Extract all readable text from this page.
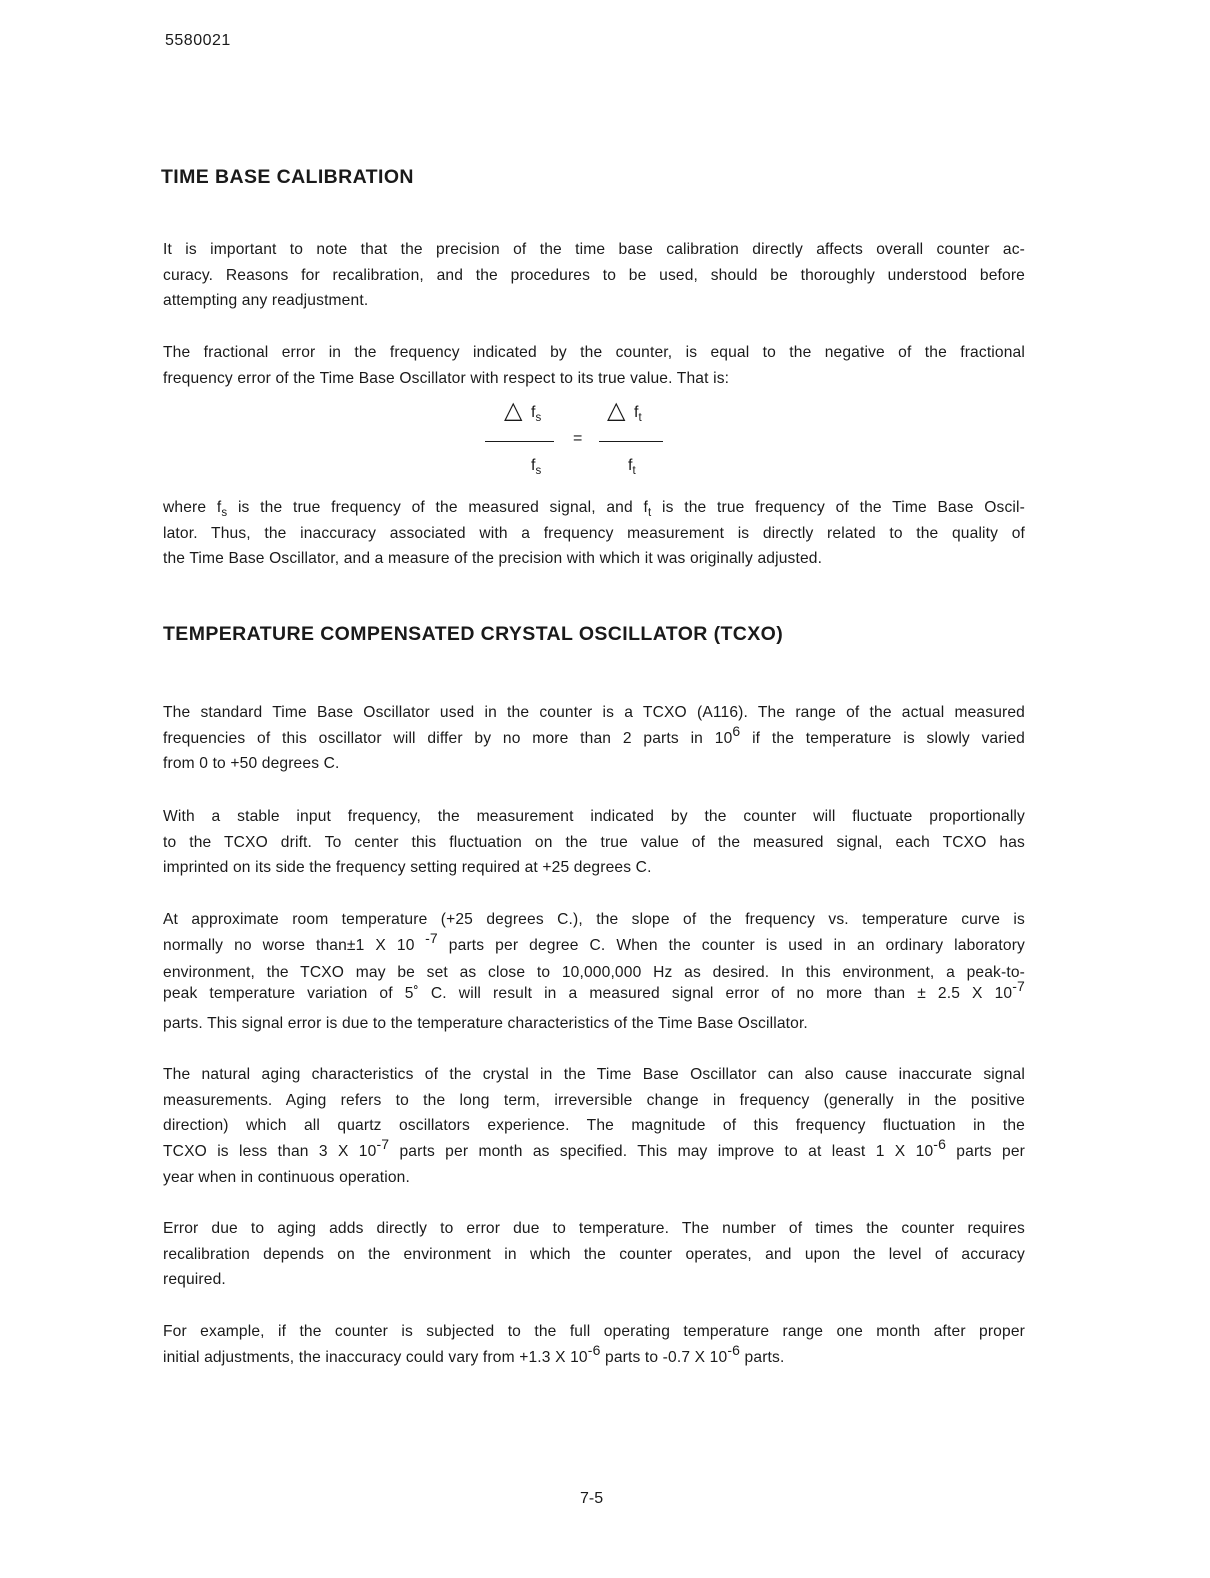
5580021
TIME BASE CALIBRATION

It is important to note that the precision of the time base calibration directly affects overall counter ac-
curacy. Reasons for recalibration, and the procedures to be used, should be thoroughly understood before
attempting any readjustment.

The fractional error in the frequency indicated by the counter, is equal to the negative of the fractional
frequency error of the Time Base Oscillator with respect to its true value. That is:

△ $f_s$	△ $f_t$
=
$f_s$	$f_t$

where $f_s$ is the true frequency of the measured signal, and $f_t$ is the true frequency of the Time Base Oscil-
lator. Thus, the inaccuracy associated with a frequency measurement is directly related to the quality of
the Time Base Oscillator, and a measure of the precision with which it was originally adjusted.

TEMPERATURE COMPENSATED CRYSTAL OSCILLATOR (TCXO)

The standard Time Base Oscillator used in the counter is a TCXO (A116). The range of the actual measured
frequencies of this oscillator will differ by no more than 2 parts in $10^6$ if the temperature is slowly varied
from 0 to +50 degrees C.

With a stable input frequency, the measurement indicated by the counter will fluctuate proportionally
to the TCXO drift. To center this fluctuation on the true value of the measured signal, each TCXO has
imprinted on its side the frequency setting required at +25 degrees C.

At approximate room temperature (+25 degrees C.), the slope of the frequency vs. temperature curve is
normally no worse than±1 X 10 $^{-7}$ parts per degree C. When the counter is used in an ordinary laboratory
environment, the TCXO may be set as close to 10,000,000 Hz as desired. In this environment, a peak-to-
peak temperature variation of 5˚ C. will result in a measured signal error of no more than ± 2.5 X $10^{-7}$
parts. This signal error is due to the temperature characteristics of the Time Base Oscillator.

The natural aging characteristics of the crystal in the Time Base Oscillator can also cause inaccurate signal
measurements. Aging refers to the long term, irreversible change in frequency (generally in the positive
direction) which all quartz oscillators experience. The magnitude of this frequency fluctuation in the
TCXO is less than 3 X $10^{-7}$ parts per month as specified. This may improve to at least 1 X $10^{-6}$ parts per
year when in continuous operation.

Error due to aging adds directly to error due to temperature. The number of times the counter requires
recalibration depends on the environment in which the counter operates, and upon the level of accuracy
required.

For example, if the counter is subjected to the full operating temperature range one month after proper
initial adjustments, the inaccuracy could vary from +1.3 X $10^{-6}$ parts to -0.7 X $10^{-6}$ parts.

7-5
